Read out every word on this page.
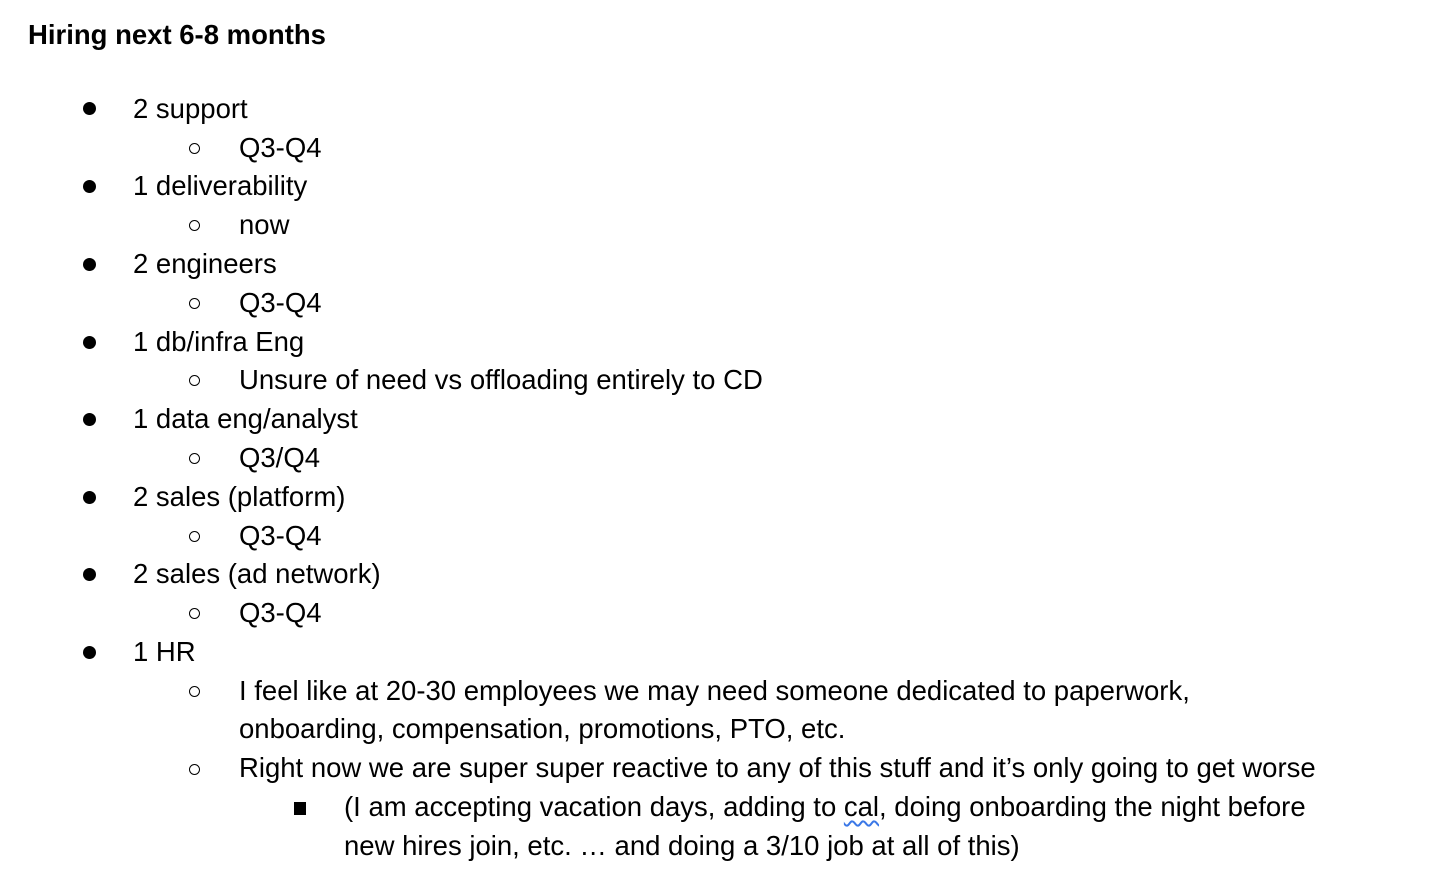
Hiring next 6-8 months
2 support
Q3-Q4
1 deliverability
now
2 engineers
Q3-Q4
1 db/infra Eng
Unsure of need vs offloading entirely to CD
1 data eng/analyst
Q3/Q4
2 sales (platform)
Q3-Q4
2 sales (ad network)
Q3-Q4
1 HR
I feel like at 20-30 employees we may need someone dedicated to paperwork,
onboarding, compensation, promotions, PTO, etc.
Right now we are super super reactive to any of this stuff and it’s only going to get worse
(I am accepting vacation days, adding to cal, doing onboarding the night before
new hires join, etc. … and doing a 3/10 job at all of this)
